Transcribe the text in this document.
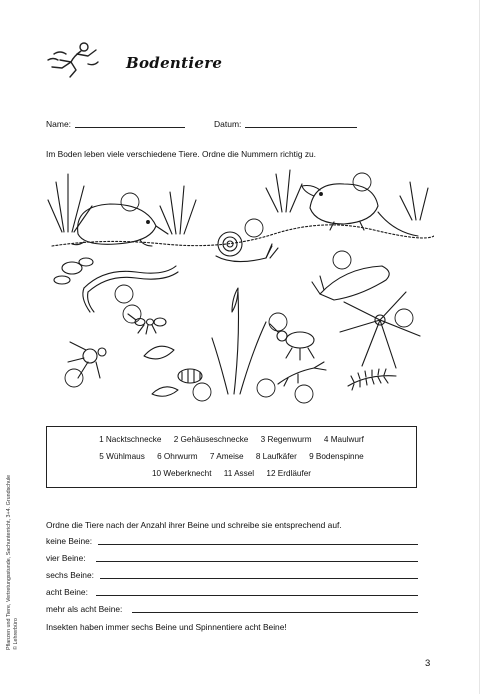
Bodentiere
Name:	Datum:
Im Boden leben viele verschiedene Tiere. Ordne die Nummern richtig zu.
1 Nacktschnecke 2 Gehäuseschnecke 3 Regenwurm 4 Maulwurf
5 Wühlmaus 6 Ohrwurm 7 Ameise 8 Laufkäfer 9 Bodenspinne
10 Weberknecht 11 Assel 12 Erdläufer
Ordne die Tiere nach der Anzahl ihrer Beine und schreibe sie entsprechend auf.
keine Beine:
vier Beine:
sechs Beine:
acht Beine:
mehr als acht Beine:
Insekten haben immer sechs Beine und Spinnentiere acht Beine!
Pflanzen und Tiere, Vertretungsstunde, Sachunterricht, 3+4. Grundschule © Lehrerbüro
3
